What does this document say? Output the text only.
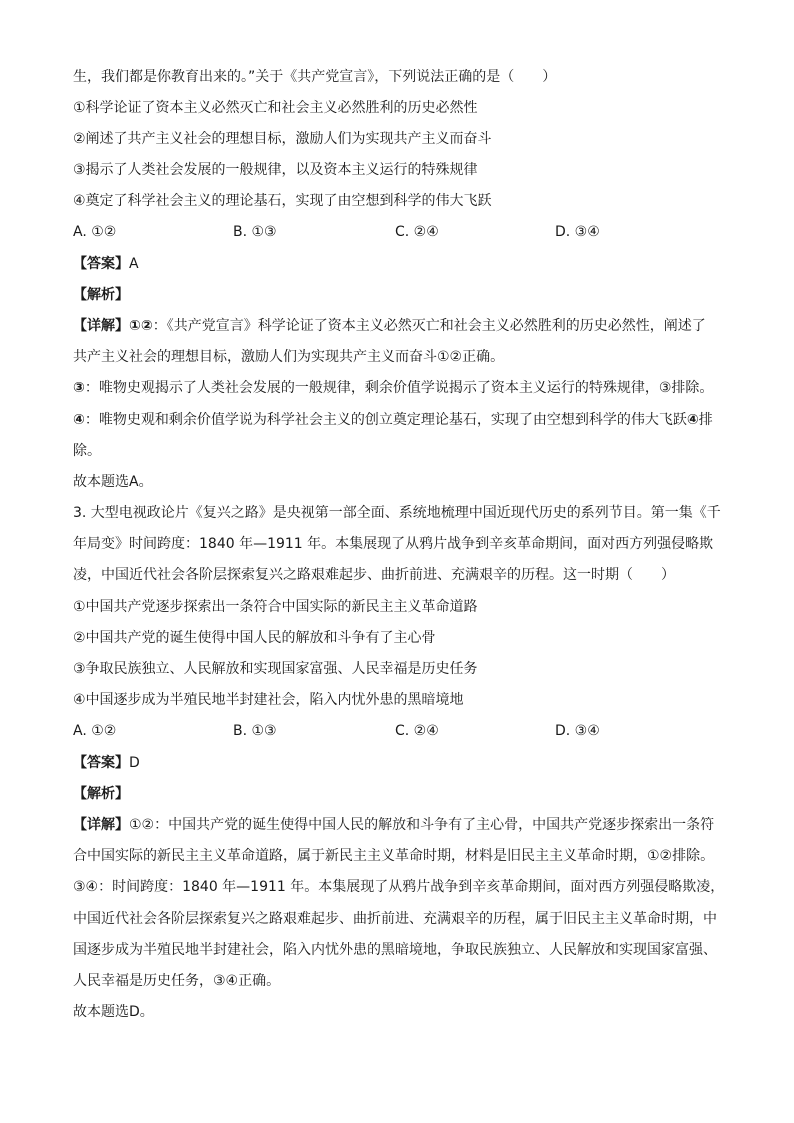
生，我们都是你教育出来的。”关于《共产党宣言》，下列说法正确的是（　　）
①科学论证了资本主义必然灭亡和社会主义必然胜利的历史必然性
②阐述了共产主义社会的理想目标，激励人们为实现共产主义而奋斗
③揭示了人类社会发展的一般规律，以及资本主义运行的特殊规律
④奠定了科学社会主义的理论基石，实现了由空想到科学的伟大飞跃
A. ①②	B. ①③	C. ②④	D. ③④
【答案】A
【解析】
【详解】①②：《共产党宣言》科学论证了资本主义必然灭亡和社会主义必然胜利的历史必然性，阐述了
共产主义社会的理想目标，激励人们为实现共产主义而奋斗①②正确。
③：唯物史观揭示了人类社会发展的一般规律，剩余价值学说揭示了资本主义运行的特殊规律，③排除。
④：唯物史观和剩余价值学说为科学社会主义的创立奠定理论基石，实现了由空想到科学的伟大飞跃④排
除。
故本题选A。
3. 大型电视政论片《复兴之路》是央视第一部全面、系统地梳理中国近现代历史的系列节目。第一集《千
年局变》时间跨度：1840 年—1911 年。本集展现了从鸦片战争到辛亥革命期间，面对西方列强侵略欺
凌，中国近代社会各阶层探索复兴之路艰难起步、曲折前进、充满艰辛的历程。这一时期（　　）
①中国共产党逐步探索出一条符合中国实际的新民主主义革命道路
②中国共产党的诞生使得中国人民的解放和斗争有了主心骨
③争取民族独立、人民解放和实现国家富强、人民幸福是历史任务
④中国逐步成为半殖民地半封建社会，陷入内忧外患的黑暗境地
A. ①②	B. ①③	C. ②④	D. ③④
【答案】D
【解析】
【详解】①②：中国共产党的诞生使得中国人民的解放和斗争有了主心骨，中国共产党逐步探索出一条符
合中国实际的新民主主义革命道路，属于新民主主义革命时期，材料是旧民主主义革命时期，①②排除。
③④：时间跨度：1840 年—1911 年。本集展现了从鸦片战争到辛亥革命期间，面对西方列强侵略欺凌，
中国近代社会各阶层探索复兴之路艰难起步、曲折前进、充满艰辛的历程，属于旧民主主义革命时期，中
国逐步成为半殖民地半封建社会，陷入内忧外患的黑暗境地，争取民族独立、人民解放和实现国家富强、
人民幸福是历史任务，③④正确。
故本题选D。
